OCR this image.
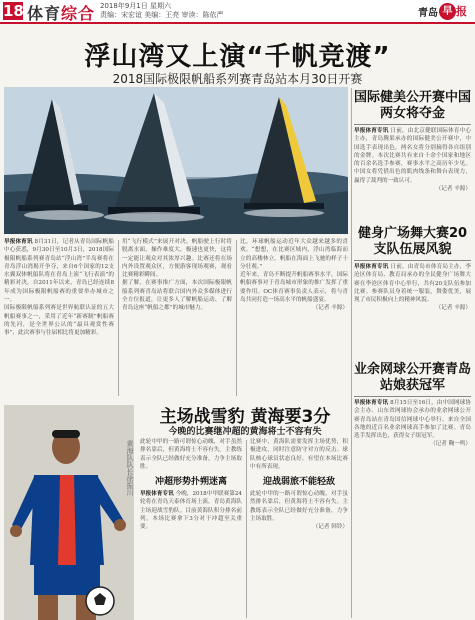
18 体育综合 2018年9月1日 星期六
责编：宋宏谊 美编：王亮 审读：陈依严	青岛 早 报
浮山湾又上演“千帆竞渡”
2018国际极限帆船系列赛青岛站本月30日开赛

早报体育讯 8月31日，记者从青岛国际帆船中心获悉，9月30日至10月3日，2018国际极限帆船系列赛青岛站“浮山湾”半岛赛将在青岛浮山湾揭开争夺，来自6个国家的12支水翼双体帆船队将在青岛上演“飞行表演”的精彩对决。自2011年以来，青岛已经连续8年成为国际极限帆船赛的重要举办城市之一。

国际极限帆船系列赛是世界航联认证的五大帆船赛事之一，采用了近年“新赛制”帆船赛的先河，是全世界公认的“最具观赏性赛事”，此次赛事与往届相比将更加精彩。

用“飞行模式”来展开对决。帆船驶上行时将脱离水面，操作难度大，极速也更快，这将一定能让观众对其浓厚兴趣。比赛还将在场内外设置观众区，方便游客现场观赛，观看比赛精彩瞬间。

据了解，在赛事推广方面，本次国际极限帆船系列赛青岛站将联合国内外众多媒体进行全方位报道，让更多人了解帆船运动、了解青岛这座“帆船之都”的城市魅力。

比，环球帆船运动近年大众越来越多的喜欢。“想想，在比赛区域内，浮山湾临海而立的高楼林立，帆船在海面上飞驰的样子十分壮观。”

近年来，青岛不断提升帆船赛事水平，国际帆船赛事对于青岛城市形象的推广发挥了重要作用。OC体育赛事负责人表示，将与青岛共同打造一场高水平的帆船盛宴。

（记者 辛源）

国际健美公开赛中国两女将夺金

早报体育专讯 日前，由北京健联国际体育中心主办，青岛腾果承办的国际健美公开赛中，中国选手表现出色，两名女将分别摘得各自组别的金牌。本次比赛共有来自十余个国家和地区的百余名选手参赛，赛事水平之高历年少见。中国女将凭借出色的肌肉线条和舞台表现力，赢得了裁判的一致认可。

（记者 辛源）

健身广场舞大赛20支队伍展风貌

早报体育专讯 日前，由青岛市体育局主办，李沧区体育局、教育局承办的全民健身广场舞大赛在李沧区体育中心举行，共有20支队伍参加比赛。参赛队员身着统一服装，舞姿优美，展现了市民积极向上的精神风貌。

（记者 辛源）

业余网球公开赛青岛站娘获冠军

早报体育专讯 8月15日至16日，由中国网球协会主办、山东省网球协会承办的业余网球公开赛青岛站在青岛国信网球中心举行。来自全国各地的近百名业余网球高手参加了比赛。青岛选手发挥出色，获得女子组冠军。

（记者 鞠一鸣）

黄海队队长徐振川
主场战雪豹 黄海要3分
今晚的比赛继冲超的黄海将士不容有失

此轮中甲的一路可谓惊心动魄，对手虽然排名靠后，但黄海将士不容有失。主教练表示全队已经做好充分准备，力争主场取胜。

冲超形势扑朔迷离

早报体育专讯 今晚，2018中甲联赛第24轮将在青岛天泰体育场上演，青岛黄海队主场迎战雪豹队。目前黄海队积分排名前列，本场比赛拿下3分对于冲超至关重要。

比赛中，黄海队需要发挥主场优势，积极进攻，同时注意防守对方的反击。球队核心球员状态良好，有望在本场比赛中有所表现。

迎战弱旅不能轻敌

此轮中甲的一路可谓惊心动魄，对手虽然排名靠后，但黄海将士不容有失。主教练表示全队已经做好充分准备，力争主场取胜。

（记者 韩铃）
